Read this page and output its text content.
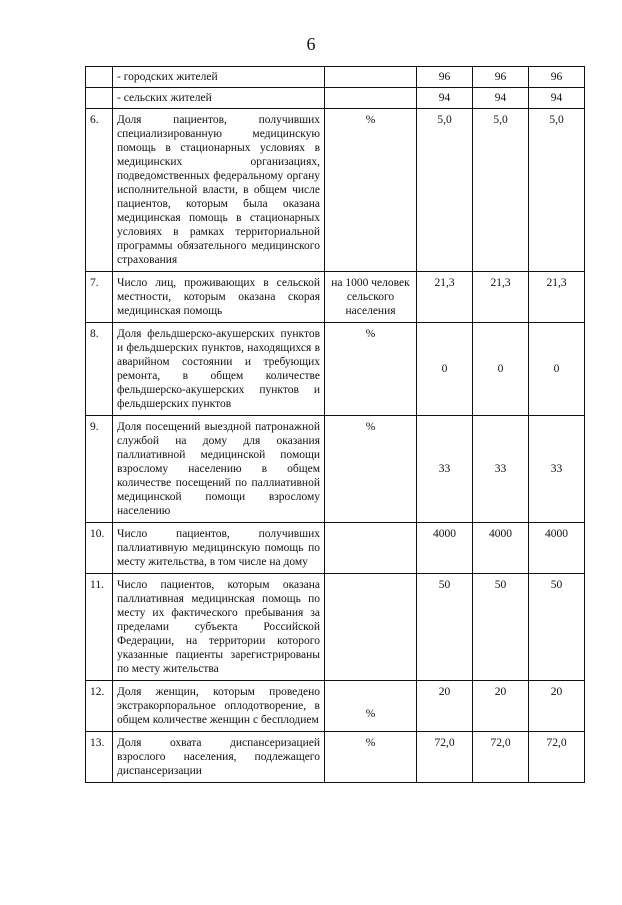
6
	- городских жителей		96	96	96
	- сельских жителей		94	94	94
6.	Доля пациентов, получивших специализированную медицинскую помощь в стационарных условиях в медицинских организациях, подведомственных федеральному органу исполнительной власти, в общем числе пациентов, которым была оказана медицинская помощь в стационарных условиях в рамках территориальной программы обязательного медицинского страхования	%	5,0	5,0	5,0
7.	Число лиц, проживающих в сельской местности, которым оказана скорая медицинская помощь	на 1000 человек сельского населения	21,3	21,3	21,3
8.	Доля фельдшерско-акушерских пунктов и фельдшерских пунктов, находящихся в аварийном состоянии и требующих ремонта, в общем количестве фельдшерско-акушерских пунктов и фельдшерских пунктов	%	0	0	0
9.	Доля посещений выездной патронажной службой на дому для оказания паллиативной медицинской помощи взрослому населению в общем количестве посещений по паллиативной медицинской помощи взрослому населению	%	33	33	33
10.	Число пациентов, получивших паллиативную медицинскую помощь по месту жительства, в том числе на дому		4000	4000	4000
11.	Число пациентов, которым оказана паллиативная медицинская помощь по месту их фактического пребывания за пределами субъекта Российской Федерации, на территории которого указанные пациенты зарегистрированы по месту жительства		50	50	50
12.	Доля женщин, которым проведено экстракорпоральное оплодотворение, в общем количестве женщин с бесплодием	%	20	20	20
13.	Доля охвата диспансеризацией взрослого населения, подлежащего диспансеризации	%	72,0	72,0	72,0
